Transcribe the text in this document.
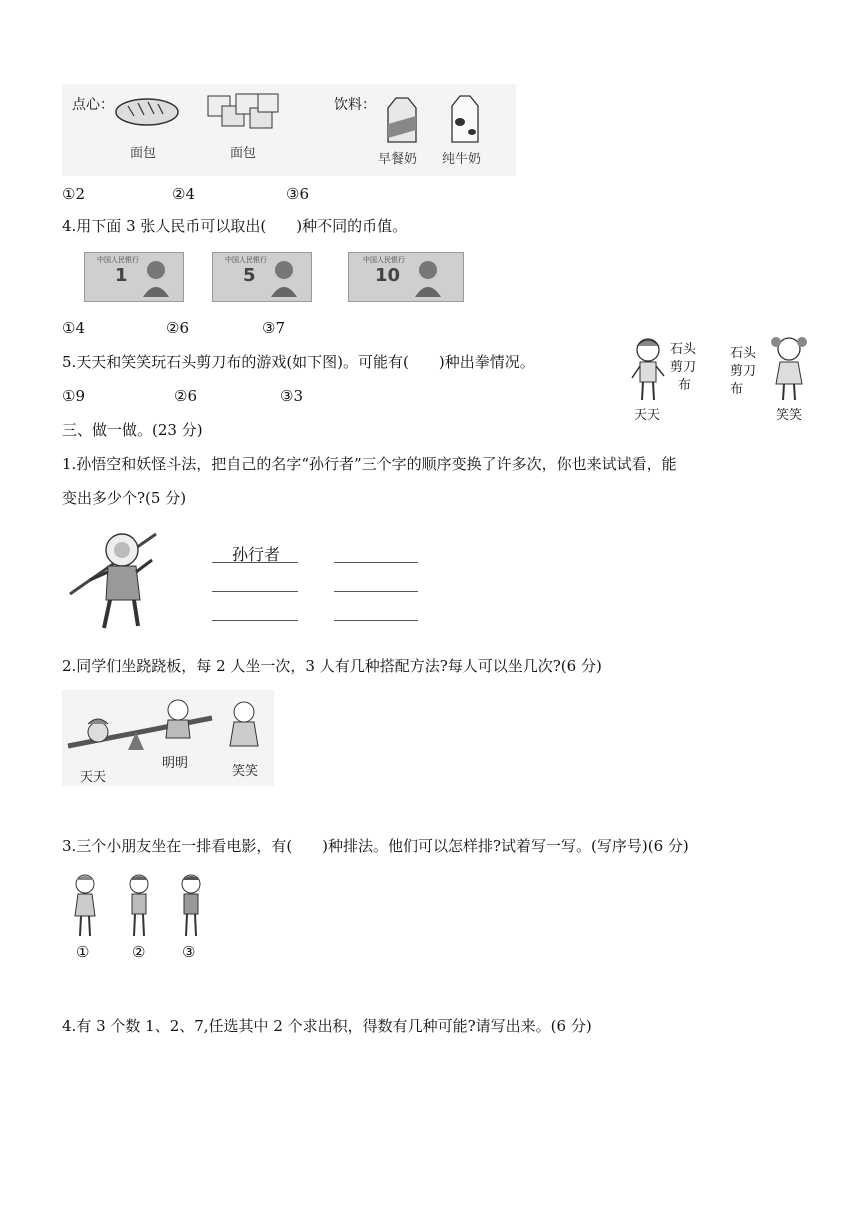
点心：
面包	面包
饮料：
早餐奶 纯牛奶
①2	②4	③6
4.用下面 3 张人民币可以取出(　　)种不同的币值。
中国人民银行
1
中国人民银行
5
中国人民银行
10
①4	②6	③7
5.天天和笑笑玩石头剪刀布的游戏(如下图)。可能有(　　)种出拳情况。
①9	②6	③3
石头
剪刀
布
天天
石头
剪刀
布
笑笑
三、做一做。(23 分)
1.孙悟空和妖怪斗法，把自己的名字“孙行者”三个字的顺序变换了许多次，你也来试试看，能
变出多少个?(5 分)
孙行者
2.同学们坐跷跷板，每 2 人坐一次，3 人有几种搭配方法?每人可以坐几次?(6 分)
天天
明明
笑笑
3.三个小朋友坐在一排看电影，有(　　)种排法。他们可以怎样排?试着写一写。(写序号)(6 分)
①	② ③
4.有 3 个数 1、2、7,任选其中 2 个求出积，得数有几种可能?请写出来。(6 分)
